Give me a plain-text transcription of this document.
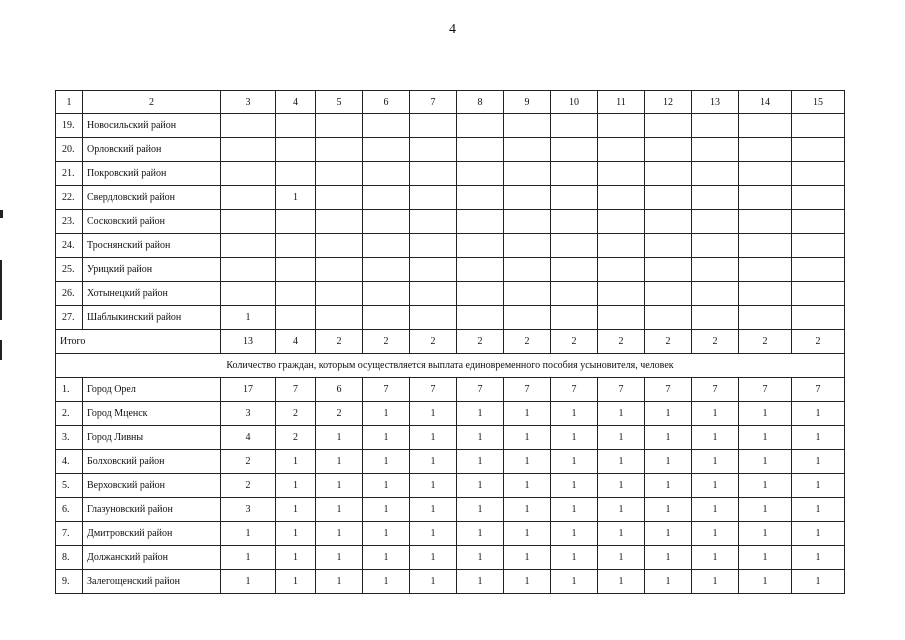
4
1	2	3	4	5	6	7	8	9	10	11	12	13	14	15
19.	Новосильский район													
20.	Орловский район													
21.	Покровский район													
22.	Свердловский район		1											
23.	Сосковский район													
24.	Троснянский район													
25.	Урицкий район													
26.	Хотынецкий район													
27.	Шаблыкинский район	1												
Итого		13	4	2	2	2	2	2	2	2	2	2	2	2
Количество граждан, которым осуществляется выплата единовременного пособия усыновителя, человек														
1.	Город Орел	17	7	6	7	7	7	7	7	7	7	7	7	7
2.	Город Мценск	3	2	2	1	1	1	1	1	1	1	1	1	1
3.	Город Ливны	4	2	1	1	1	1	1	1	1	1	1	1	1
4.	Болховский район	2	1	1	1	1	1	1	1	1	1	1	1	1
5.	Верховский район	2	1	1	1	1	1	1	1	1	1	1	1	1
6.	Глазуновский район	3	1	1	1	1	1	1	1	1	1	1	1	1
7.	Дмитровский район	1	1	1	1	1	1	1	1	1	1	1	1	1
8.	Должанский район	1	1	1	1	1	1	1	1	1	1	1	1	1
9.	Залегощенский район	1	1	1	1	1	1	1	1	1	1	1	1	1
